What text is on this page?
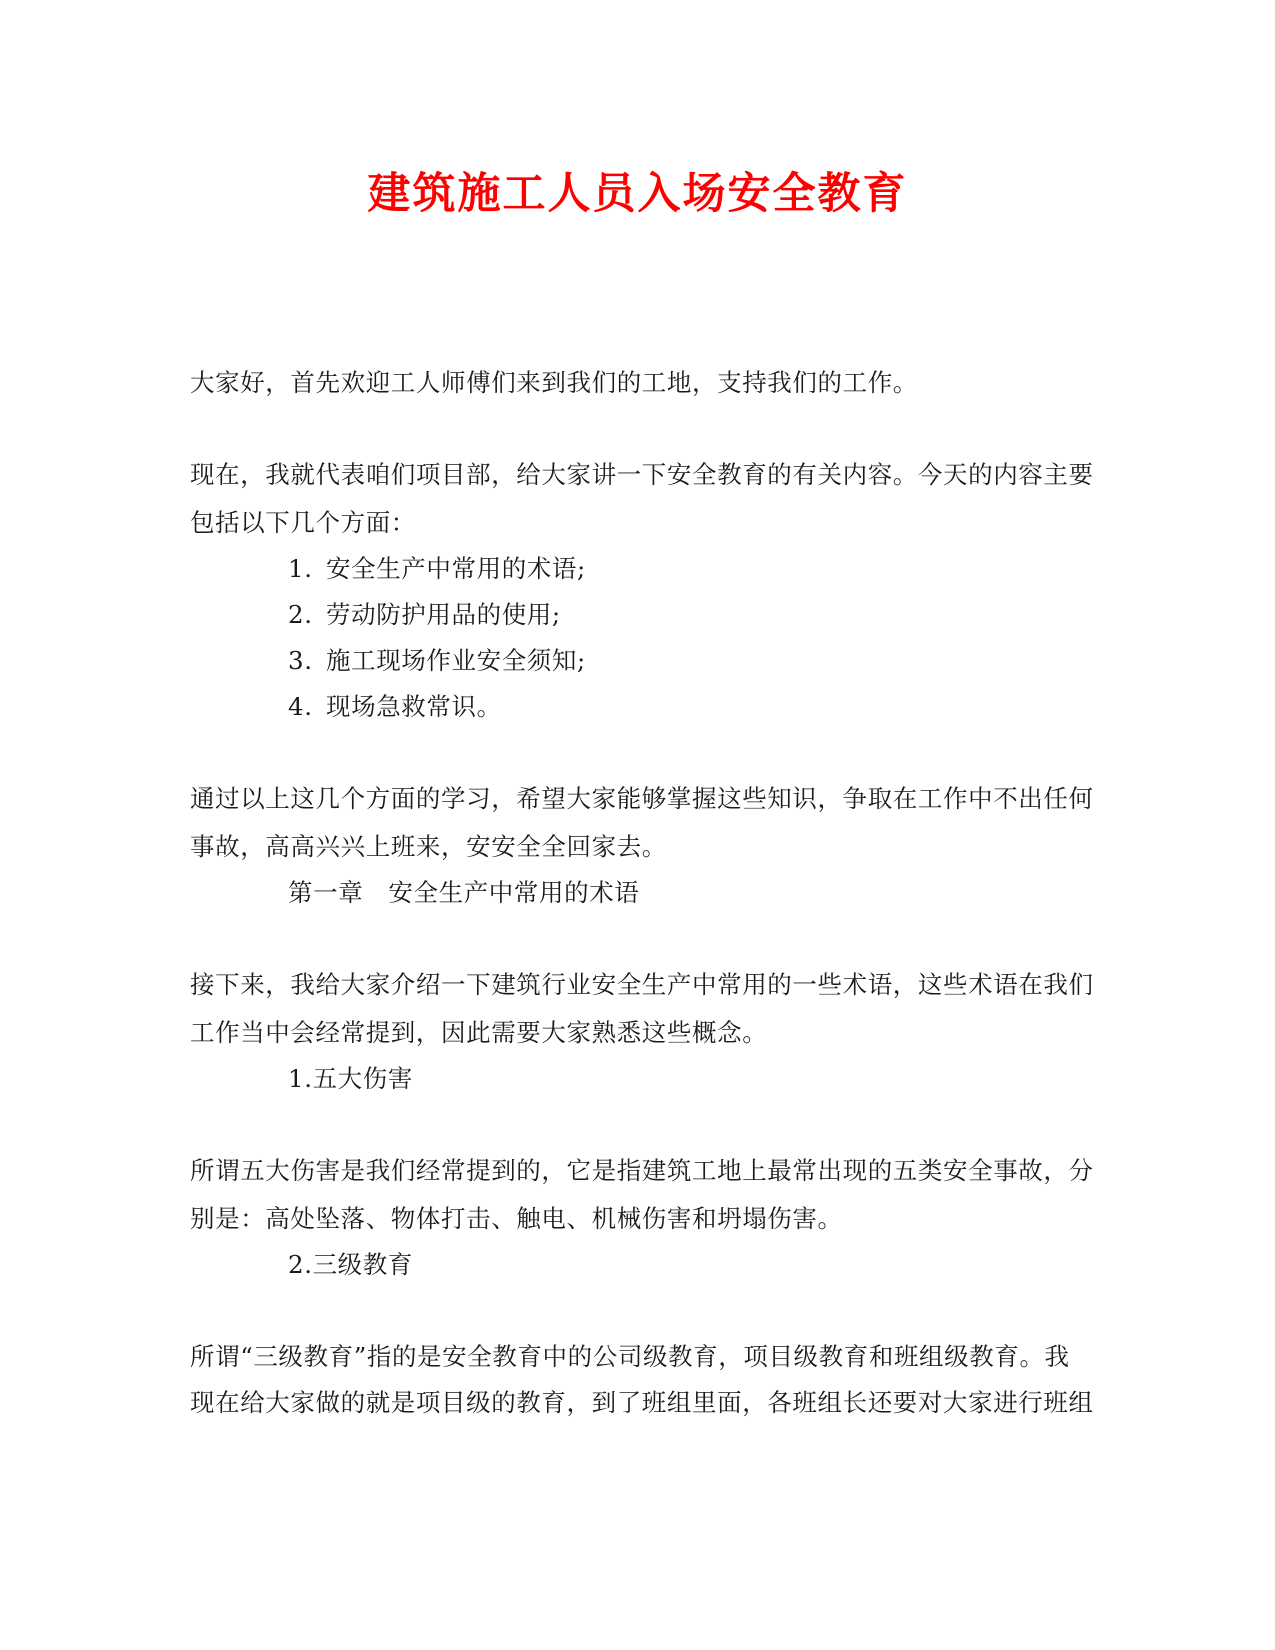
建筑施工人员入场安全教育
大家好，首先欢迎工人师傅们来到我们的工地，支持我们的工作。
现在，我就代表咱们项目部，给大家讲一下安全教育的有关内容。今天的内容主要
包括以下几个方面：
1. 安全生产中常用的术语;
2. 劳动防护用品的使用;
3. 施工现场作业安全须知;
4. 现场急救常识。
通过以上这几个方面的学习，希望大家能够掌握这些知识，争取在工作中不出任何
事故，高高兴兴上班来，安安全全回家去。
第一章　安全生产中常用的术语
接下来，我给大家介绍一下建筑行业安全生产中常用的一些术语，这些术语在我们
工作当中会经常提到，因此需要大家熟悉这些概念。
1.五大伤害
所谓五大伤害是我们经常提到的，它是指建筑工地上最常出现的五类安全事故，分
别是：高处坠落、物体打击、触电、机械伤害和坍塌伤害。
2.三级教育
所谓“三级教育”指的是安全教育中的公司级教育，项目级教育和班组级教育。我
现在给大家做的就是项目级的教育，到了班组里面，各班组长还要对大家进行班组
